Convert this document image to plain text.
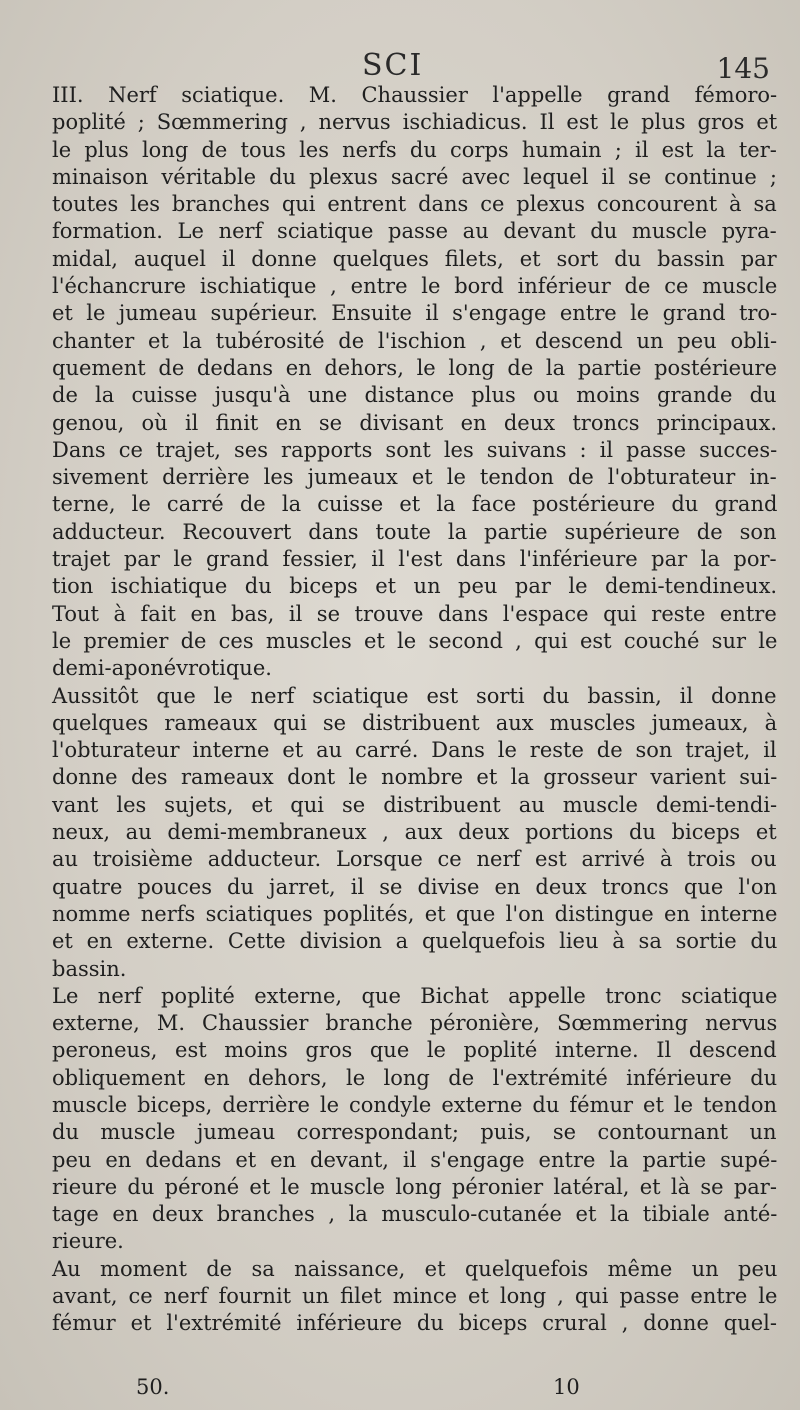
SCI	145
III. Nerf sciatique. M. Chaussier l'appelle grand fémoro-
poplité ; Sœmmering , nervus ischiadicus. Il est le plus gros et
le plus long de tous les nerfs du corps humain ; il est la ter-
minaison véritable du plexus sacré avec lequel il se continue ;
toutes les branches qui entrent dans ce plexus concourent à sa
formation. Le nerf sciatique passe au devant du muscle pyra-
midal, auquel il donne quelques filets, et sort du bassin par
l'échancrure ischiatique , entre le bord inférieur de ce muscle
et le jumeau supérieur. Ensuite il s'engage entre le grand tro-
chanter et la tubérosité de l'ischion , et descend un peu obli-
quement de dedans en dehors, le long de la partie postérieure
de la cuisse jusqu'à une distance plus ou moins grande du
genou, où il finit en se divisant en deux troncs principaux.
Dans ce trajet, ses rapports sont les suivans : il passe succes-
sivement derrière les jumeaux et le tendon de l'obturateur in-
terne, le carré de la cuisse et la face postérieure du grand
adducteur. Recouvert dans toute la partie supérieure de son
trajet par le grand fessier, il l'est dans l'inférieure par la por-
tion ischiatique du biceps et un peu par le demi-tendineux.
Tout à fait en bas, il se trouve dans l'espace qui reste entre
le premier de ces muscles et le second , qui est couché sur le
demi-aponévrotique.
Aussitôt que le nerf sciatique est sorti du bassin, il donne
quelques rameaux qui se distribuent aux muscles jumeaux, à
l'obturateur interne et au carré. Dans le reste de son trajet, il
donne des rameaux dont le nombre et la grosseur varient sui-
vant les sujets, et qui se distribuent au muscle demi-tendi-
neux, au demi-membraneux , aux deux portions du biceps et
au troisième adducteur. Lorsque ce nerf est arrivé à trois ou
quatre pouces du jarret, il se divise en deux troncs que l'on
nomme nerfs sciatiques poplités, et que l'on distingue en interne
et en externe. Cette division a quelquefois lieu à sa sortie du
bassin.
Le nerf poplité externe, que Bichat appelle tronc sciatique
externe, M. Chaussier branche péronière, Sœmmering nervus
peroneus, est moins gros que le poplité interne. Il descend
obliquement en dehors, le long de l'extrémité inférieure du
muscle biceps, derrière le condyle externe du fémur et le tendon
du muscle jumeau correspondant; puis, se contournant un
peu en dedans et en devant, il s'engage entre la partie supé-
rieure du péroné et le muscle long péronier latéral, et là se par-
tage en deux branches , la musculo-cutanée et la tibiale anté-
rieure.
Au moment de sa naissance, et quelquefois même un peu
avant, ce nerf fournit un filet mince et long , qui passe entre le
fémur et l'extrémité inférieure du biceps crural , donne quel-
50.	10
